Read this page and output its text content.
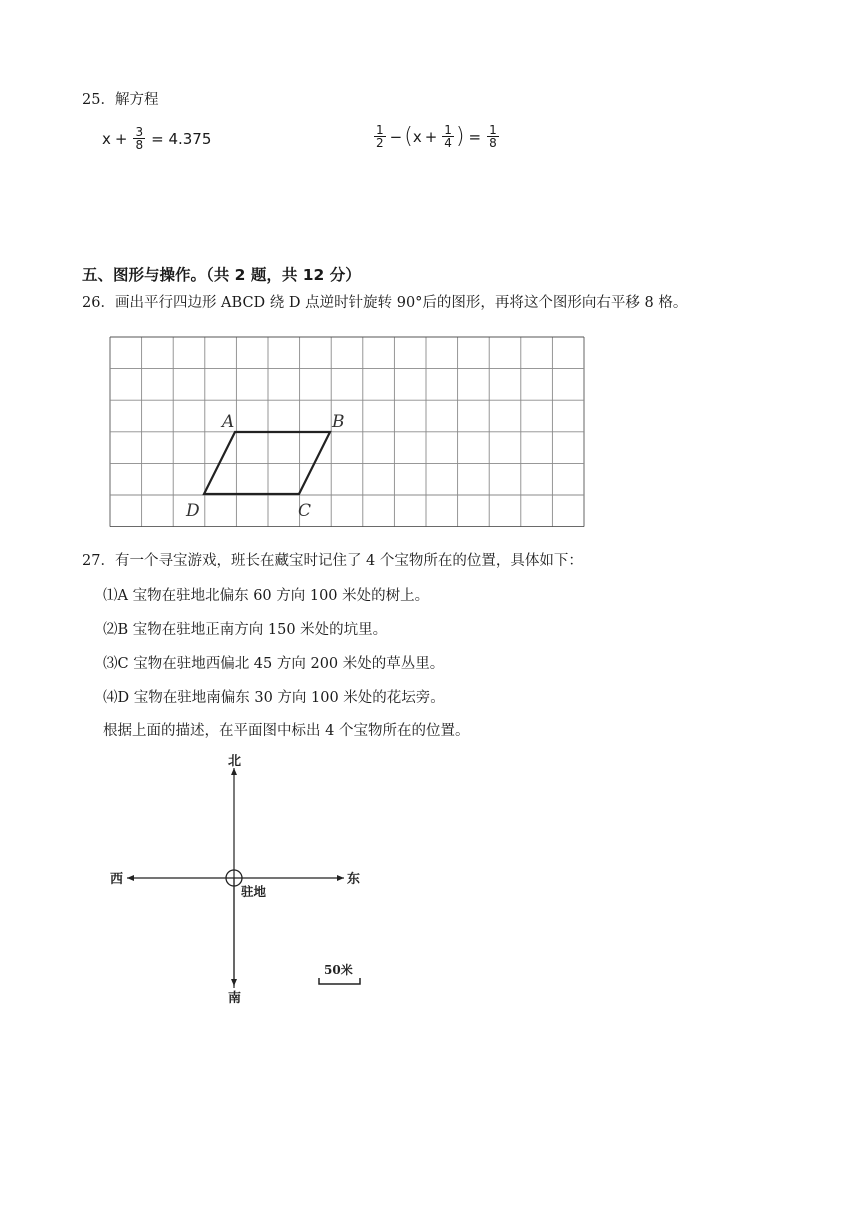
25．解方程
$x + \frac{3}{8} = 4.375$	$\frac{1}{2}$ − ( $x + \frac{1}{4}$ ) = $\frac{1}{8}$
五、图形与操作。（共 2 题，共 12 分）
26．画出平行四边形 ABCD 绕 D 点逆时针旋转 90°后的图形，再将这个图形向右平移 8 格。
A	B
C
D
27．有一个寻宝游戏，班长在藏宝时记住了 4 个宝物所在的位置，具体如下：
⑴A 宝物在驻地北偏东 60 方向 100 米处的树上。
⑵B 宝物在驻地正南方向 150 米处的坑里。
⑶C 宝物在驻地西偏北 45 方向 200 米处的草丛里。
⑷D 宝物在驻地南偏东 30 方向 100 米处的花坛旁。
根据上面的描述，在平面图中标出 4 个宝物所在的位置。
北
南
东
西
驻地
50米
